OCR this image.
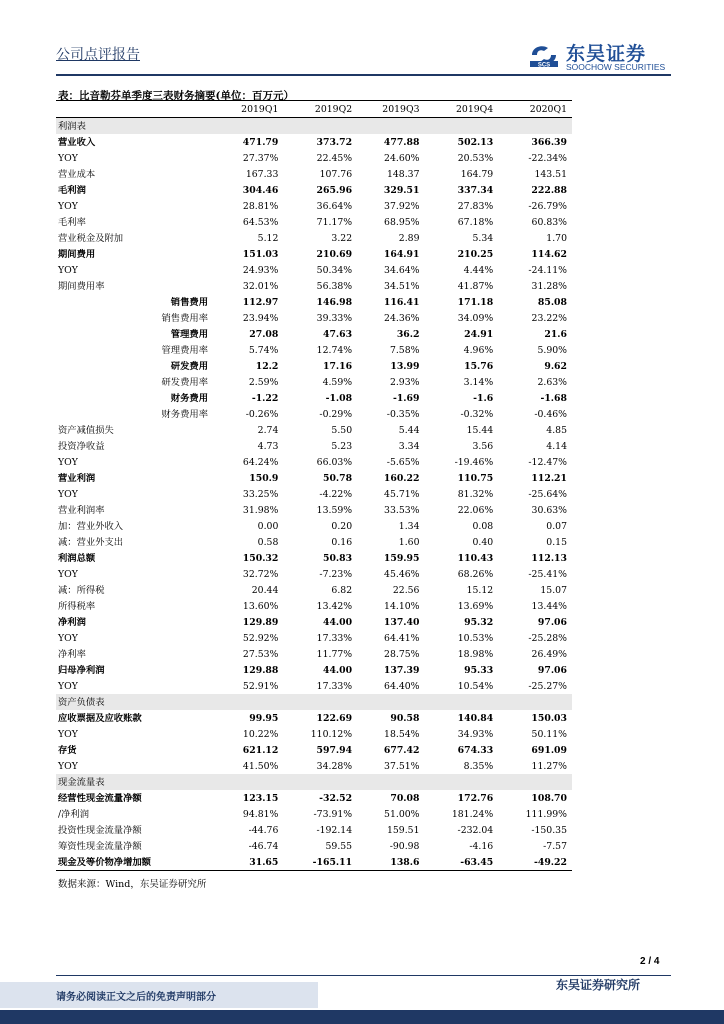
公司点评报告
SCS
东吴证券
SOOCHOW SECURITIES
表：比音勒芬单季度三表财务摘要(单位：百万元）
	2019Q1	2019Q2	2019Q3	2019Q4	2020Q1
利润表					
营业收入	471.79	373.72	477.88	502.13	366.39
YOY	27.37%	22.45%	24.60%	20.53%	-22.34%
营业成本	167.33	107.76	148.37	164.79	143.51
毛利润	304.46	265.96	329.51	337.34	222.88
YOY	28.81%	36.64%	37.92%	27.83%	-26.79%
毛利率	64.53%	71.17%	68.95%	67.18%	60.83%
营业税金及附加	5.12	3.22	2.89	5.34	1.70
期间费用	151.03	210.69	164.91	210.25	114.62
YOY	24.93%	50.34%	34.64%	4.44%	-24.11%
期间费用率	32.01%	56.38%	34.51%	41.87%	31.28%
销售费用	112.97	146.98	116.41	171.18	85.08
销售费用率	23.94%	39.33%	24.36%	34.09%	23.22%
管理费用	27.08	47.63	36.2	24.91	21.6
管理费用率	5.74%	12.74%	7.58%	4.96%	5.90%
研发费用	12.2	17.16	13.99	15.76	9.62
研发费用率	2.59%	4.59%	2.93%	3.14%	2.63%
财务费用	-1.22	-1.08	-1.69	-1.6	-1.68
财务费用率	-0.26%	-0.29%	-0.35%	-0.32%	-0.46%
资产减值损失	2.74	5.50	5.44	15.44	4.85
投资净收益	4.73	5.23	3.34	3.56	4.14
YOY	64.24%	66.03%	-5.65%	-19.46%	-12.47%
营业利润	150.9	50.78	160.22	110.75	112.21
YOY	33.25%	-4.22%	45.71%	81.32%	-25.64%
营业利润率	31.98%	13.59%	33.53%	22.06%	30.63%
加：营业外收入	0.00	0.20	1.34	0.08	0.07
减：营业外支出	0.58	0.16	1.60	0.40	0.15
利润总额	150.32	50.83	159.95	110.43	112.13
YOY	32.72%	-7.23%	45.46%	68.26%	-25.41%
减：所得税	20.44	6.82	22.56	15.12	15.07
所得税率	13.60%	13.42%	14.10%	13.69%	13.44%
净利润	129.89	44.00	137.40	95.32	97.06
YOY	52.92%	17.33%	64.41%	10.53%	-25.28%
净利率	27.53%	11.77%	28.75%	18.98%	26.49%
归母净利润	129.88	44.00	137.39	95.33	97.06
YOY	52.91%	17.33%	64.40%	10.54%	-25.27%
资产负债表					
应收票据及应收账款	99.95	122.69	90.58	140.84	150.03
YOY	10.22%	110.12%	18.54%	34.93%	50.11%
存货	621.12	597.94	677.42	674.33	691.09
YOY	41.50%	34.28%	37.51%	8.35%	11.27%
现金流量表					
经营性现金流量净额	123.15	-32.52	70.08	172.76	108.70
/净利润	94.81%	-73.91%	51.00%	181.24%	111.99%
投资性现金流量净额	-44.76	-192.14	159.51	-232.04	-150.35
筹资性现金流量净额	-46.74	59.55	-90.98	-4.16	-7.57
现金及等价物净增加额	31.65	-165.11	138.6	-63.45	-49.22
数据来源：Wind，东吴证券研究所
2 / 4
请务必阅读正文之后的免责声明部分
东吴证券研究所
